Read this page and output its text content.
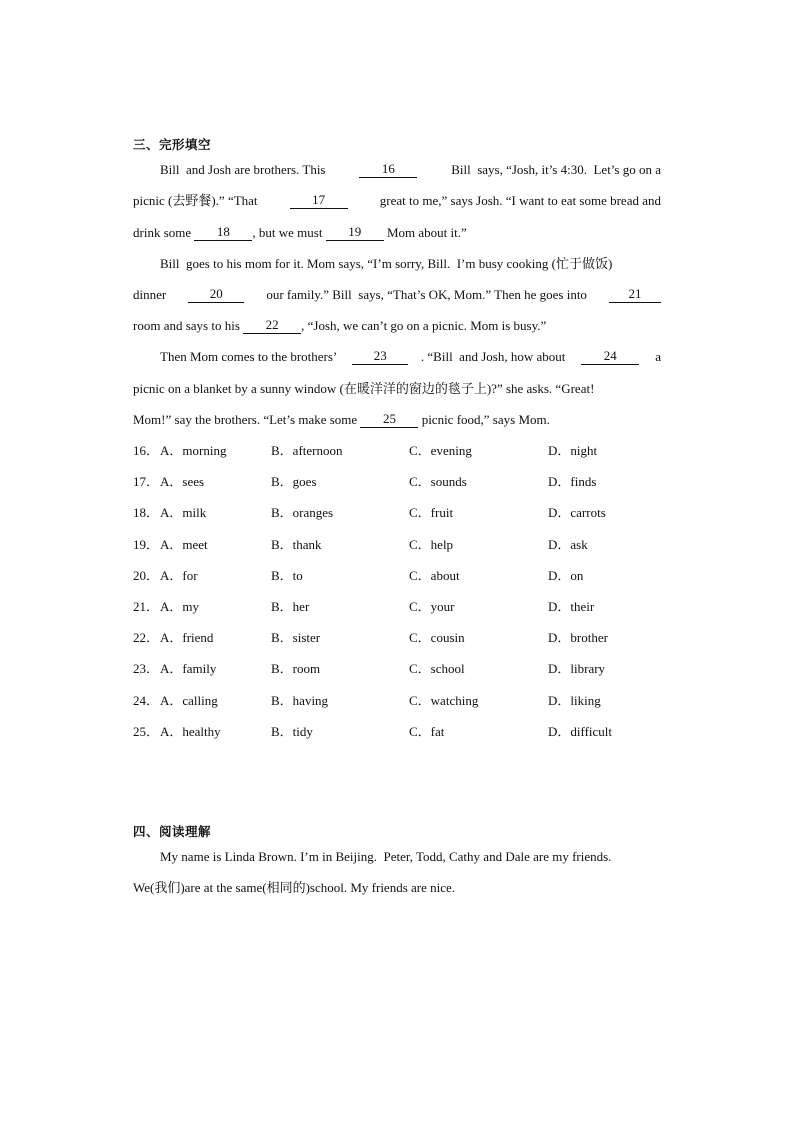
三、完形填空
Bill  and Josh are brothers. This	16	Bill  says, “Josh, it’s 4:30.  Let’s go on a
picnic (去野餐).” “That	17	great to me,” says Josh. “I want to eat some bread and
drink some	18	, but we must	19	Mom about it.”
Bill  goes to his mom for it. Mom says, “I’m sorry, Bill.  I’m busy cooking (忙于做饭)
dinner	20	our family.” Bill  says, “That’s OK, Mom.” Then he goes into	21
room and says to his	22	, “Josh, we can’t go on a picnic. Mom is busy.”
Then Mom comes to the brothers’	23	. “Bill  and Josh, how about	24	a
picnic on a blanket by a sunny window (在暖洋洋的窗边的毯子上)?” she asks. “Great!
Mom!” say the brothers. “Let’s make some	25	picnic food,” says Mom.
16． A．morning	B．afternoon	C．evening	D．night
17． A．sees	B．goes	C．sounds	D．finds
18． A．milk	B．oranges	C．fruit	D．carrots
19． A．meet	B．thank	C．help	D．ask
20． A．for	B．to	C．about	D．on
21． A．my	B．her	C．your	D．their
22． A．friend	B．sister	C．cousin	D．brother
23． A．family	B．room	C．school	D．library
24． A．calling	B．having	C．watching	D．liking
25． A．healthy	B．tidy	C．fat	D．difficult
四、阅读理解
My name is Linda Brown. I’m in Beijing.  Peter, Todd, Cathy and Dale are my friends.
We(我们)are at the same(相同的)school. My friends are nice.
